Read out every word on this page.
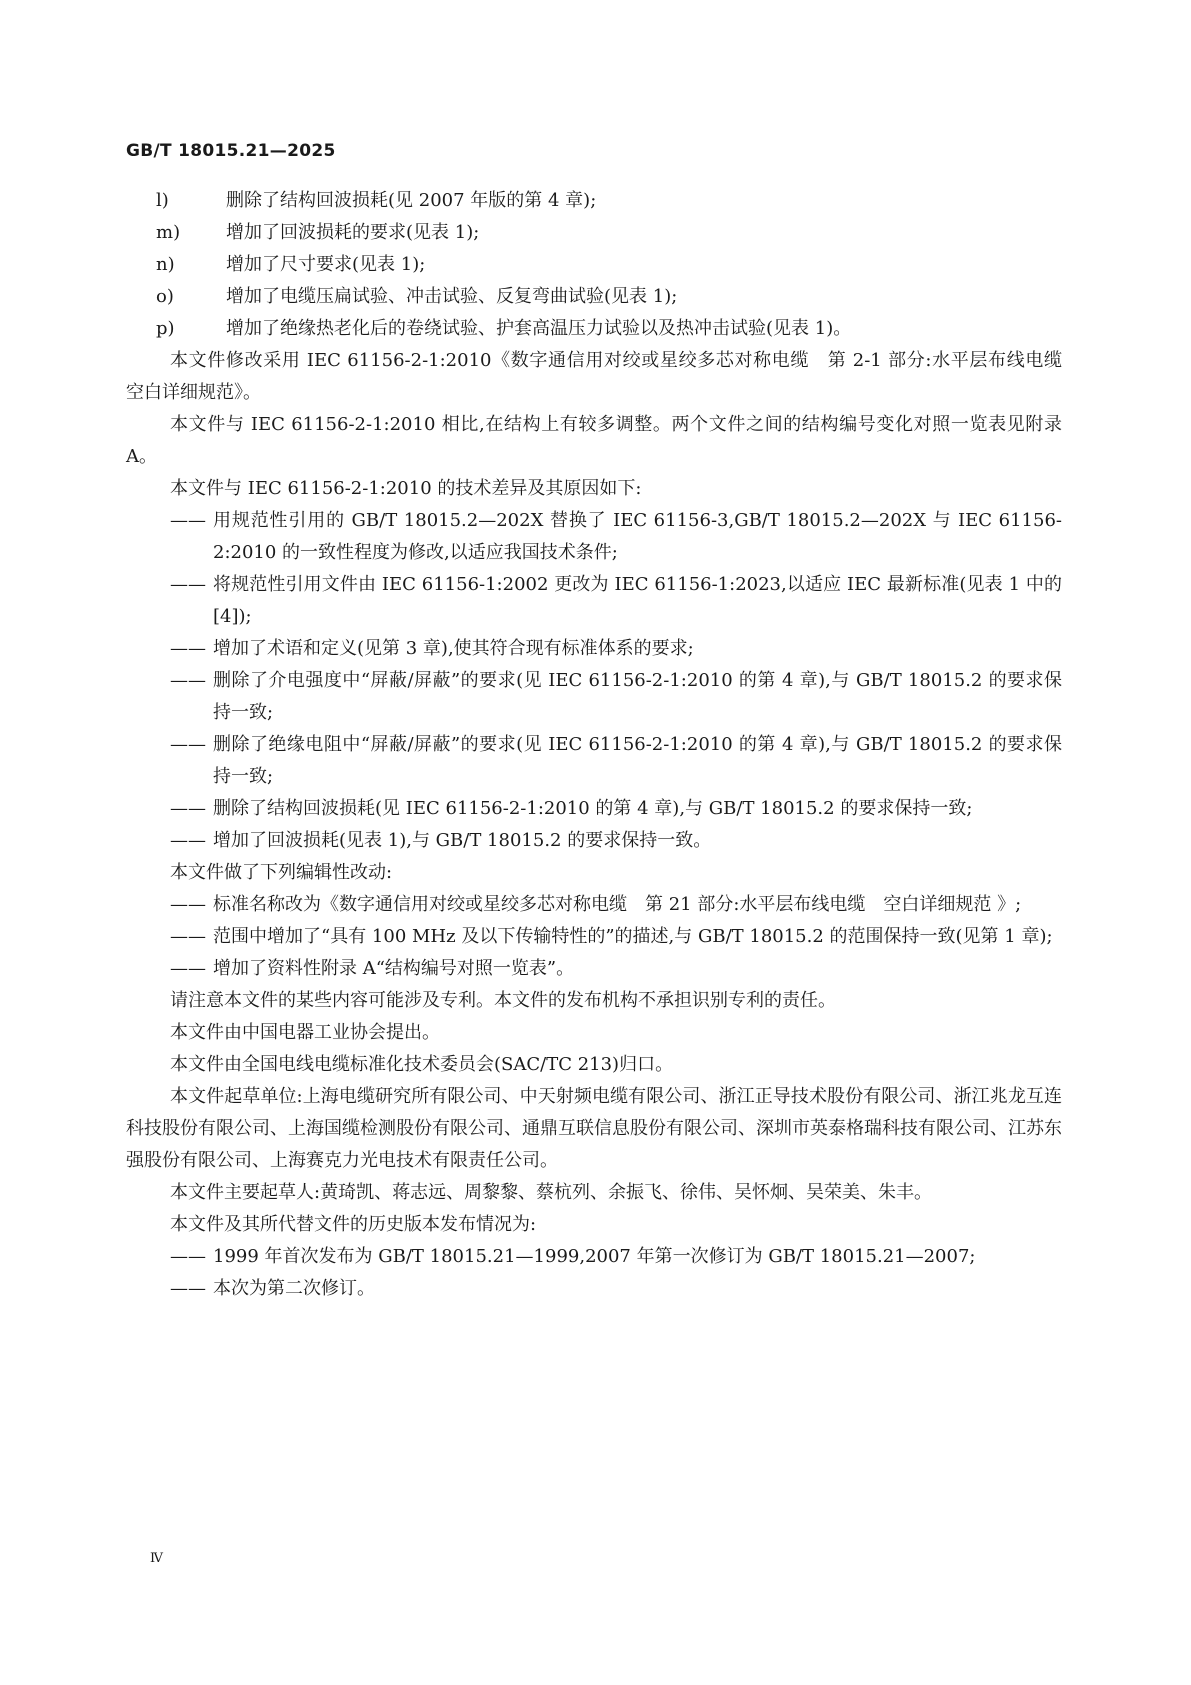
GB/T 18015.21—2025
l)	删除了结构回波损耗(见 2007 年版的第 4 章);
m)	增加了回波损耗的要求(见表 1);
n)	增加了尺寸要求(见表 1);
o)	增加了电缆压扁试验、冲击试验、反复弯曲试验(见表 1);
p)	增加了绝缘热老化后的卷绕试验、护套高温压力试验以及热冲击试验(见表 1)。
本文件修改采用 IEC 61156-2-1:2010《数字通信用对绞或星绞多芯对称电缆　第 2-1 部分:水平层布线电缆　空白详细规范》。
本文件与 IEC 61156-2-1:2010 相比,在结构上有较多调整。两个文件之间的结构编号变化对照一览表见附录 A。
本文件与 IEC 61156-2-1:2010 的技术差异及其原因如下:
—— 用规范性引用的 GB/T 18015.2—202X 替换了 IEC 61156-3,GB/T 18015.2—202X 与 IEC 61156-2:2010 的一致性程度为修改,以适应我国技术条件;
—— 将规范性引用文件由 IEC 61156-1:2002 更改为 IEC 61156-1:2023,以适应 IEC 最新标准(见表 1 中的[4]);
—— 增加了术语和定义(见第 3 章),使其符合现有标准体系的要求;
—— 删除了介电强度中“屏蔽/屏蔽”的要求(见 IEC 61156-2-1:2010 的第 4 章),与 GB/T 18015.2 的要求保持一致;
—— 删除了绝缘电阻中“屏蔽/屏蔽”的要求(见 IEC 61156-2-1:2010 的第 4 章),与 GB/T 18015.2 的要求保持一致;
—— 删除了结构回波损耗(见 IEC 61156-2-1:2010 的第 4 章),与 GB/T 18015.2 的要求保持一致;
—— 增加了回波损耗(见表 1),与 GB/T 18015.2 的要求保持一致。
本文件做了下列编辑性改动:
—— 标准名称改为《数字通信用对绞或星绞多芯对称电缆　第 21 部分:水平层布线电缆　空白详细规范 》;
—— 范围中增加了“具有 100 MHz 及以下传输特性的”的描述,与 GB/T 18015.2 的范围保持一致(见第 1 章);
—— 增加了资料性附录 A“结构编号对照一览表”。
请注意本文件的某些内容可能涉及专利。本文件的发布机构不承担识别专利的责任。
本文件由中国电器工业协会提出。
本文件由全国电线电缆标准化技术委员会(SAC/TC 213)归口。
本文件起草单位:上海电缆研究所有限公司、中天射频电缆有限公司、浙江正导技术股份有限公司、浙江兆龙互连科技股份有限公司、上海国缆检测股份有限公司、通鼎互联信息股份有限公司、深圳市英泰格瑞科技有限公司、江苏东强股份有限公司、上海赛克力光电技术有限责任公司。
本文件主要起草人:黄琦凯、蒋志远、周黎黎、蔡杭列、余振飞、徐伟、吴怀炯、吴荣美、朱丰。
本文件及其所代替文件的历史版本发布情况为:
—— 1999 年首次发布为 GB/T 18015.21—1999,2007 年第一次修订为 GB/T 18015.21—2007;
—— 本次为第二次修订。
Ⅳ
